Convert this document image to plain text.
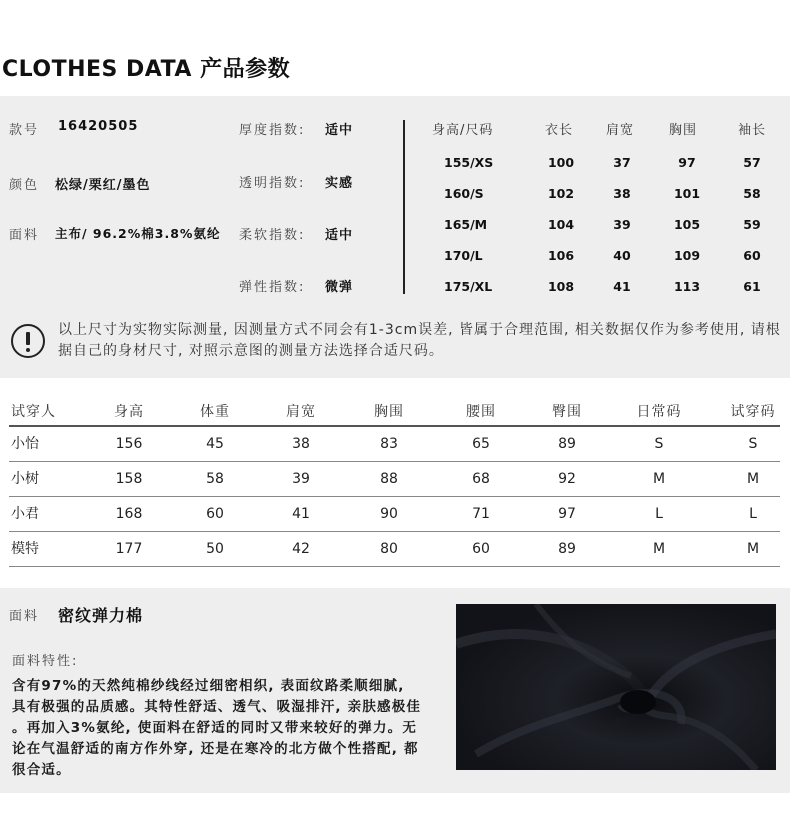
CLOTHES DATA 产品参数
款号 16420505
颜色 松绿/栗红/墨色
面料 主布/ 96.2%棉3.8%氨纶
厚度指数: 适中
透明指数: 实感
柔软指数: 适中
弹性指数: 微弹
身高/尺码	衣长	肩宽	胸围	袖长
155/XS	100	37	97	57
160/S	102	38	101	58
165/M	104	39	105	59
170/L	106	40	109	60
175/XL	108	41	113	61
以上尺寸为实物实际测量, 因测量方式不同会有1-3cm误差, 皆属于合理范围, 相关数据仅作为参考使用, 请根据自己的身材尺寸, 对照示意图的测量方法选择合适尺码。
试穿人	身高	体重	肩宽	胸围	腰围	臀围	日常码	试穿码
小怡	156	45	38	83	65	89	S	S
小树	158	58	39	88	68	92	M	M
小君	168	60	41	90	71	97	L	L
模特	177	50	42	80	60	89	M	M
面料 密纹弹力棉
面料特性:
含有97%的天然纯棉纱线经过细密相织, 表面纹路柔顺细腻, 具有极强的品质感。其特性舒适、透气、吸湿排汗, 亲肤感极佳 。再加入3%氨纶, 使面料在舒适的同时又带来较好的弹力。无论在气温舒适的南方作外穿, 还是在寒冷的北方做个性搭配, 都很合适。
